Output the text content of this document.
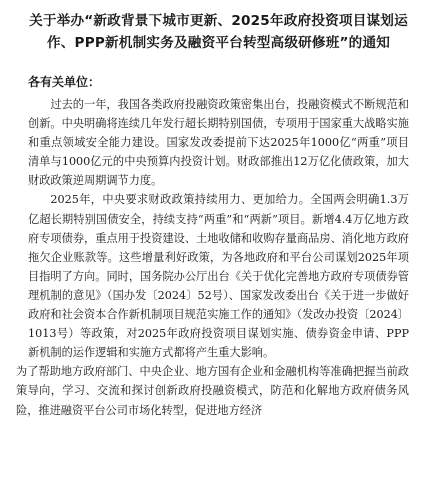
关于举办“新政背景下城市更新、2025年政府投资项目谋划运作、PPP新机制实务及融资平台转型高级研修班”的通知
各有关单位：

过去的一年，我国各类政府投融资政策密集出台，投融资模式不断规范和创新。中央明确将连续几年发行超长期特别国债，专项用于国家重大战略实施和重点领域安全能力建设。国家发改委提前下达2025年1000亿“两重”项目清单与1000亿元的中央预算内投资计划。财政部推出12万亿化债政策，加大财政政策逆周期调节力度。

2025年，中央要求财政政策持续用力、更加给力。全国两会明确1.3万亿超长期特别国债安全，持续支持“两重”和“两新”项目。新增4.4万亿地方政府专项债券，重点用于投资建设、土地收储和收购存量商品房、消化地方政府拖欠企业账款等。这些增量利好政策，为各地政府和平台公司谋划2025年项目指明了方向。同时，国务院办公厅出台《关于优化完善地方政府专项债券管理机制的意见》（国办发〔2024〕52号）、国家发改委出台《关于进一步做好政府和社会资本合作新机制项目规范实施工作的通知》（发改办投资〔2024〕1013号）等政策，对2025年政府投资项目谋划实施、债券资金申请、PPP新机制的运作逻辑和实施方式都将产生重大影响。

为了帮助地方政府部门、中央企业、地方国有企业和金融机构等准确把握当前政策导向，学习、交流和探讨创新政府投融资模式，防范和化解地方政府债务风险，推进融资平台公司市场化转型，促进地方经济
